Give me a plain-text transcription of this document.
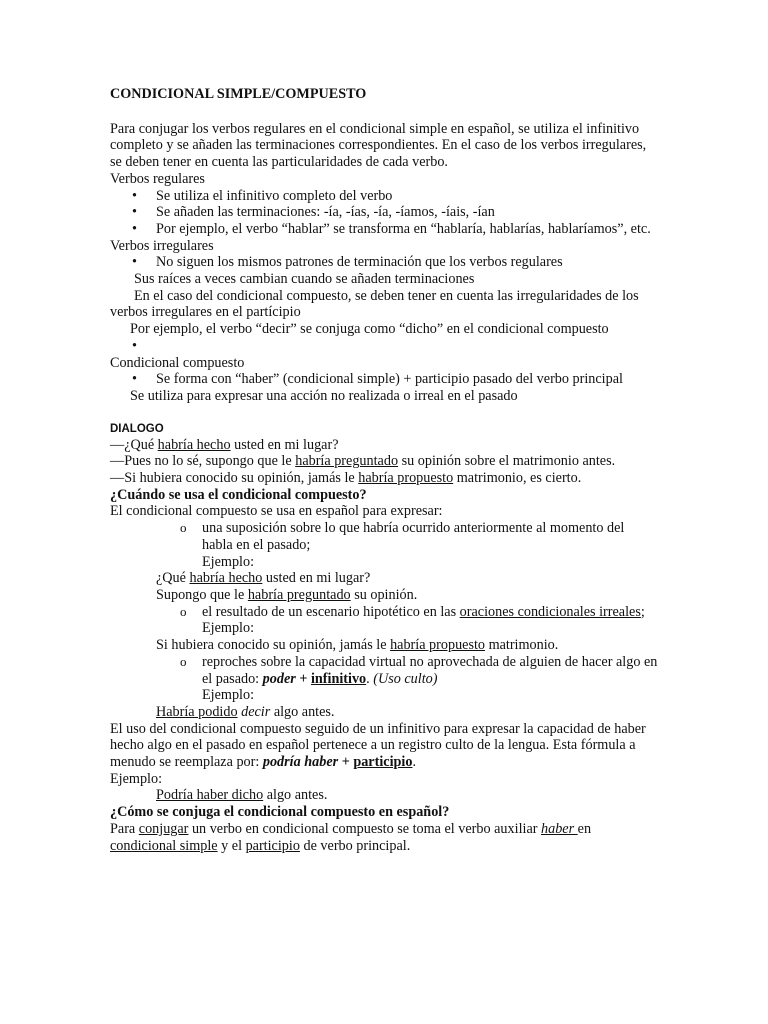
CONDICIONAL SIMPLE/COMPUESTO

Para conjugar los verbos regulares en el condicional simple en español, se utiliza el infinitivo completo y se añaden las terminaciones correspondientes. En el caso de los verbos irregulares, se deben tener en cuenta las particularidades de cada verbo.

Verbos regulares

• Se utiliza el infinitivo completo del verbo

• Se añaden las terminaciones: -ía, -ías, -ía, -íamos, -íais, -ían

• Por ejemplo, el verbo “hablar” se transforma en “hablaría, hablarías, hablaríamos”, etc.

Verbos irregulares

• No siguen los mismos patrones de terminación que los verbos regulares

Sus raíces a veces cambian cuando se añaden terminaciones

En el caso del condicional compuesto, se deben tener en cuenta las irregularidades de los verbos irregulares en el partícipio

Por ejemplo, el verbo “decir” se conjuga como “dicho” en el condicional compuesto

•

Condicional compuesto

• Se forma con “haber” (condicional simple) + participio pasado del verbo principal

Se utiliza para expresar una acción no realizada o irreal en el pasado

DIALOGO

—¿Qué habría hecho usted en mi lugar?

—Pues no lo sé, supongo que le habría preguntado su opinión sobre el matrimonio antes.

—Si hubiera conocido su opinión, jamás le habría propuesto matrimonio, es cierto.

¿Cuándo se usa el condicional compuesto?

El condicional compuesto se usa en español para expresar:

o una suposición sobre lo que habría ocurrido anteriormente al momento del habla en el pasado;

Ejemplo:

¿Qué habría hecho usted en mi lugar?

Supongo que le habría preguntado su opinión.

o el resultado de un escenario hipotético en las oraciones condicionales irreales;

Ejemplo:

Si hubiera conocido su opinión, jamás le habría propuesto matrimonio.

o reproches sobre la capacidad virtual no aprovechada de alguien de hacer algo en el pasado: poder + infinitivo. (Uso culto)

Ejemplo:

Habría podido decir algo antes.

El uso del condicional compuesto seguido de un infinitivo para expresar la capacidad de haber hecho algo en el pasado en español pertenece a un registro culto de la lengua. Esta fórmula a menudo se reemplaza por: podría haber + participio.

Ejemplo:

Podría haber dicho algo antes.

¿Cómo se conjuga el condicional compuesto en español?

Para conjugar un verbo en condicional compuesto se toma el verbo auxiliar haber en condicional simple y el participio de verbo principal.
